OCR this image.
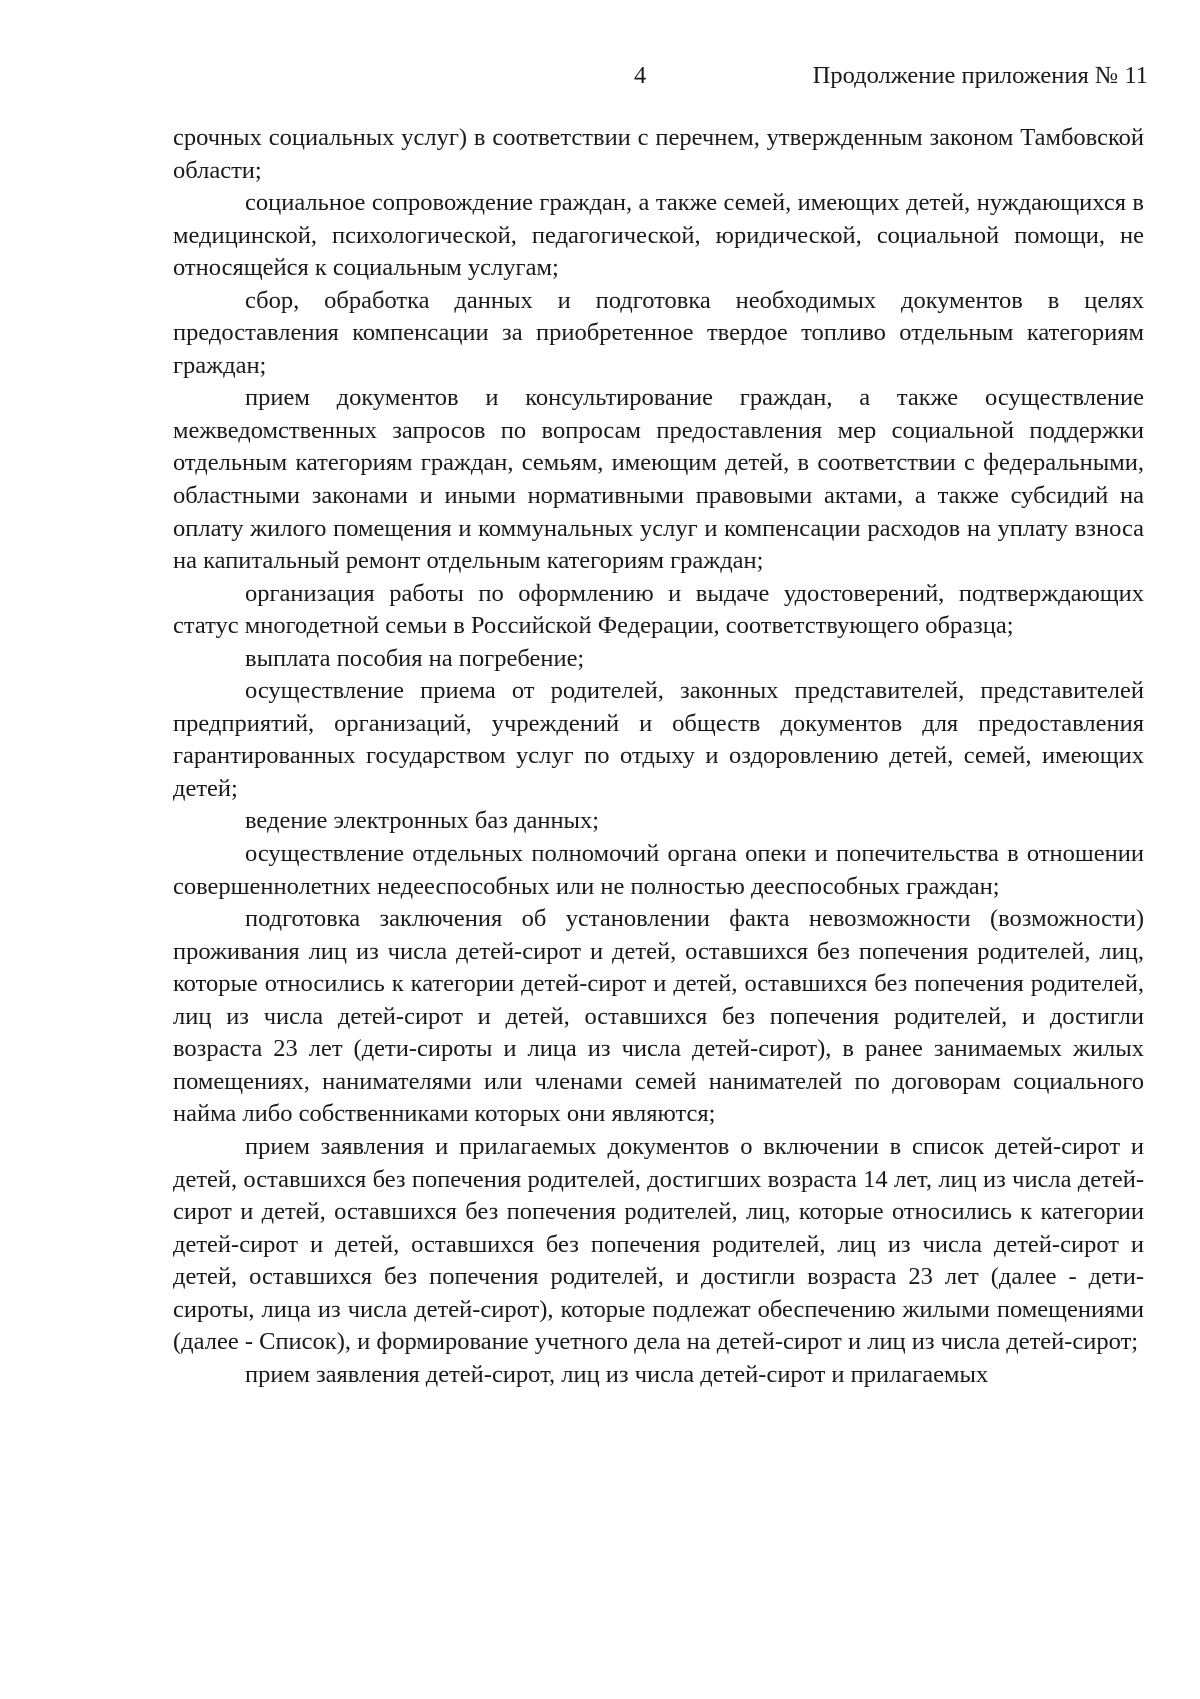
4	Продолжение приложения № 11

срочных социальных услуг) в соответствии с перечнем, утвержденным законом Тамбовской области;

социальное сопровождение граждан, а также семей, имеющих детей, нуждающихся в медицинской, психологической, педагогической, юридической, социальной помощи, не относящейся к социальным услугам;

сбор, обработка данных и подготовка необходимых документов в целях предоставления компенсации за приобретенное твердое топливо отдельным категориям граждан;

прием документов и консультирование граждан, а также осуществление межведомственных запросов по вопросам предоставления мер социальной поддержки отдельным категориям граждан, семьям, имеющим детей, в соответствии с федеральными, областными законами и иными нормативными правовыми актами, а также субсидий на оплату жилого помещения и коммунальных услуг и компенсации расходов на уплату взноса на капитальный ремонт отдельным категориям граждан;

организация работы по оформлению и выдаче удостоверений, подтверждающих статус многодетной семьи в Российской Федерации, соответствующего образца;

выплата пособия на погребение;

осуществление приема от родителей, законных представителей, представителей предприятий, организаций, учреждений и обществ документов для предоставления гарантированных государством услуг по отдыху и оздоровлению детей, семей, имеющих детей;

ведение электронных баз данных;

осуществление отдельных полномочий органа опеки и попечительства в отношении совершеннолетних недееспособных или не полностью дееспособных граждан;

подготовка заключения об установлении факта невозможности (возможности) проживания лиц из числа детей-сирот и детей, оставшихся без попечения родителей, лиц, которые относились к категории детей-сирот и детей, оставшихся без попечения родителей, лиц из числа детей-сирот и детей, оставшихся без попечения родителей, и достигли возраста 23 лет (дети-сироты и лица из числа детей-сирот), в ранее занимаемых жилых помещениях, нанимателями или членами семей нанимателей по договорам социального найма либо собственниками которых они являются;

прием заявления и прилагаемых документов о включении в список детей-сирот и детей, оставшихся без попечения родителей, достигших возраста 14 лет, лиц из числа детей-сирот и детей, оставшихся без попечения родителей, лиц, которые относились к категории детей-сирот и детей, оставшихся без попечения родителей, лиц из числа детей-сирот и детей, оставшихся без попечения родителей, и достигли возраста 23 лет (далее - дети-сироты, лица из числа детей-сирот), которые подлежат обеспечению жилыми помещениями (далее - Список), и формирование учетного дела на детей-сирот и лиц из числа детей-сирот;

прием заявления детей-сирот, лиц из числа детей-сирот и прилагаемых
